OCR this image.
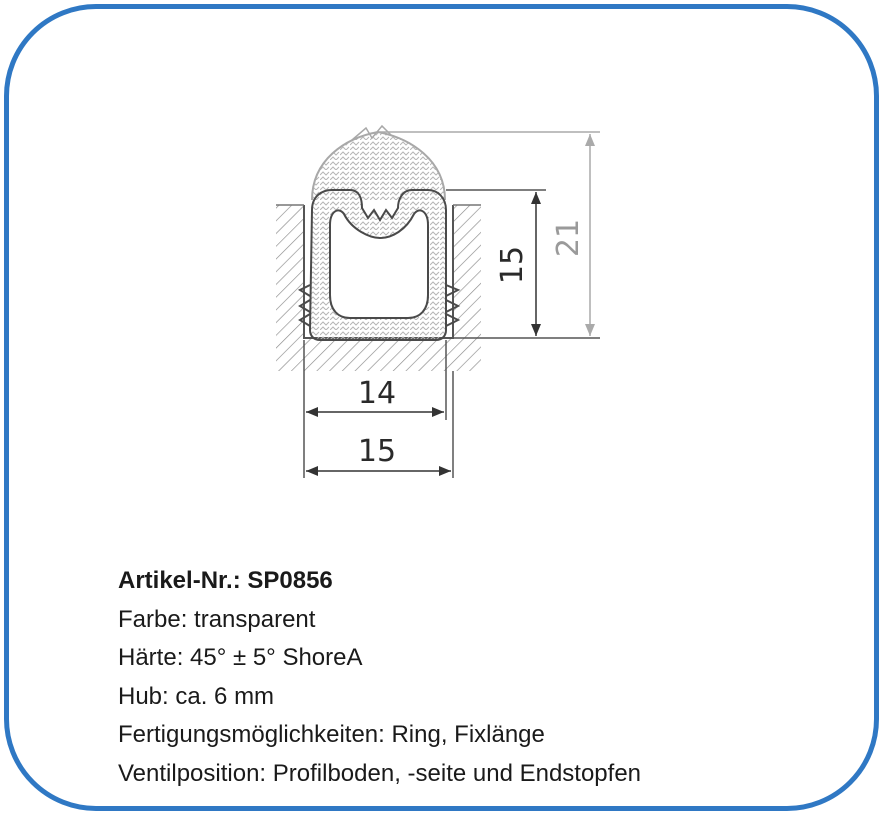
14
15
15
21
Artikel-Nr.: SP0856
Farbe: transparent
Härte: 45° ± 5° ShoreA
Hub: ca. 6 mm
Fertigungsmöglichkeiten: Ring, Fixlänge
Ventilposition: Profilboden, -seite und Endstopfen
